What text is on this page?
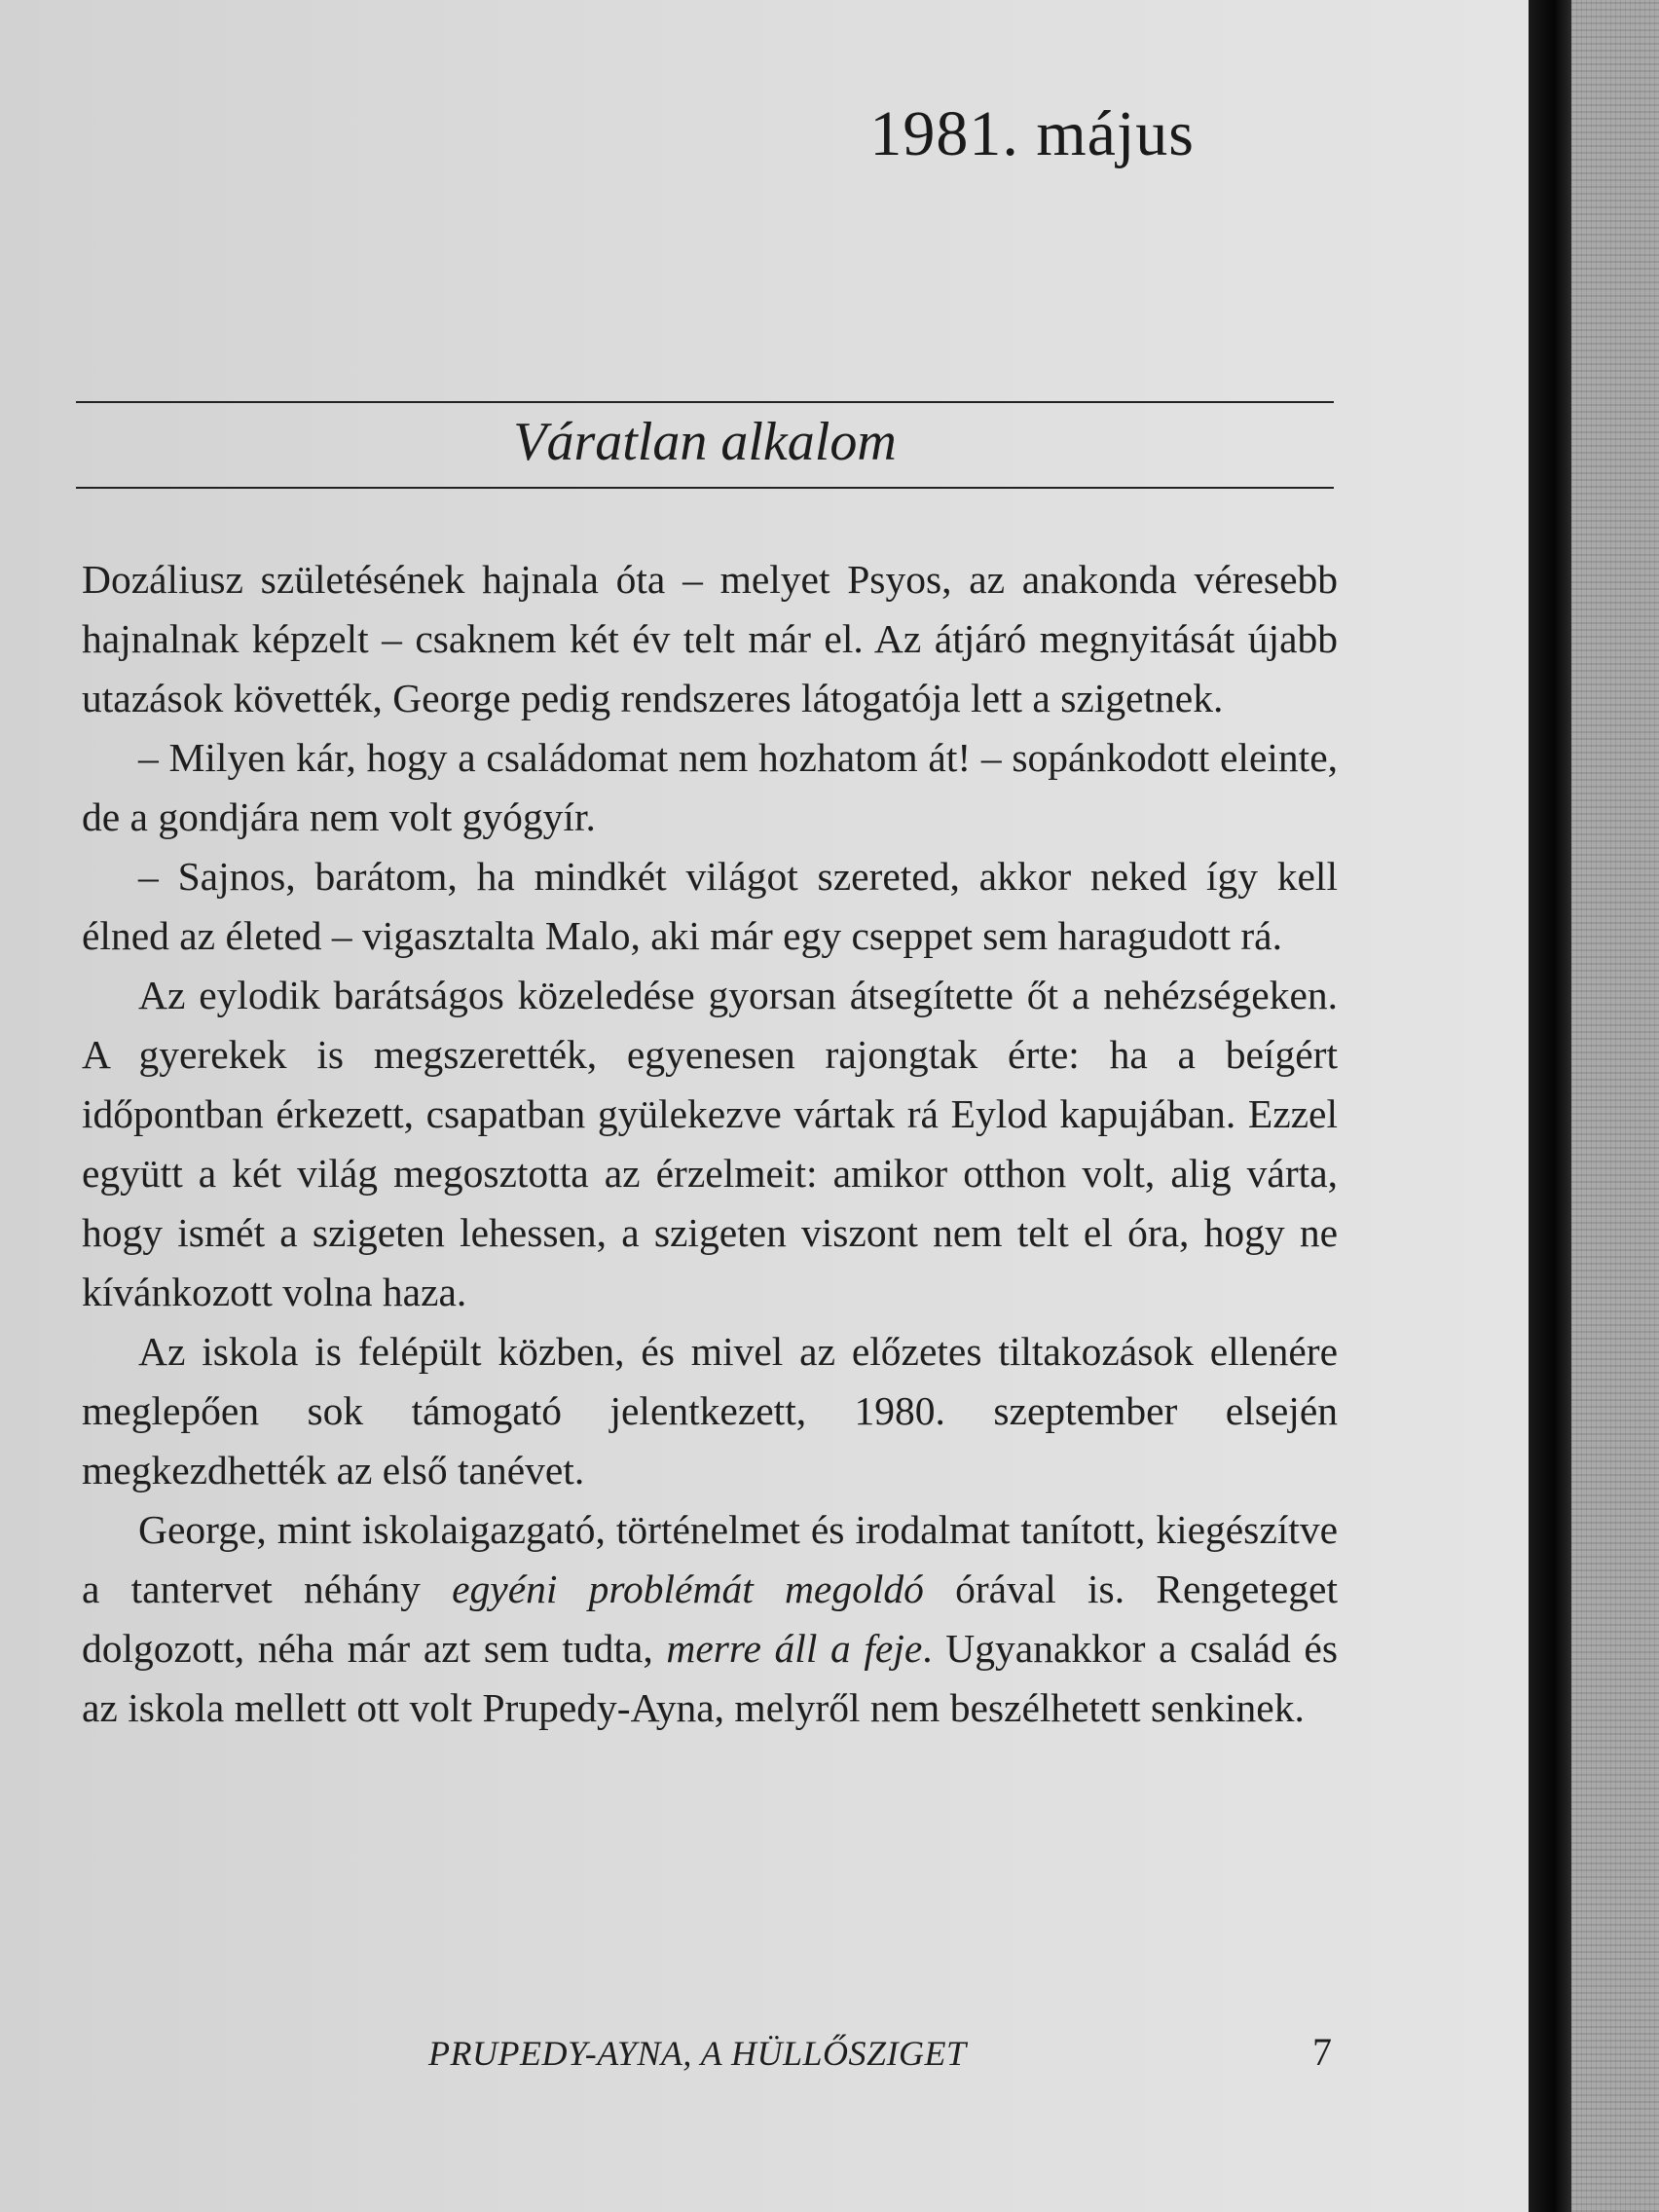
1981. május
Váratlan alkalom

Dozáliusz születésének hajnala óta – melyet Psyos, az anakonda véresebb hajnalnak képzelt – csaknem két év telt már el. Az átjáró megnyitását újabb utazások követték, George pedig rendszeres látogatója lett a szigetnek.

– Milyen kár, hogy a családomat nem hozhatom át! – sopánkodott eleinte, de a gondjára nem volt gyógyír.

– Sajnos, barátom, ha mindkét világot szereted, akkor neked így kell élned az életed – vigasztalta Malo, aki már egy cseppet sem haragudott rá.

Az eylodik barátságos közeledése gyorsan átsegítette őt a nehézségeken. A gyerekek is megszerették, egyenesen rajongtak érte: ha a beígért időpontban érkezett, csapatban gyülekezve vártak rá Eylod kapujában. Ezzel együtt a két világ megosztotta az érzelmeit: amikor otthon volt, alig várta, hogy ismét a szigeten lehessen, a szigeten viszont nem telt el óra, hogy ne kívánkozott volna haza.

Az iskola is felépült közben, és mivel az előzetes tiltakozások ellenére meglepően sok támogató jelentkezett, 1980. szeptember elsején megkezdhették az első tanévet.

George, mint iskolaigazgató, történelmet és irodalmat tanított, kiegészítve a tantervet néhány egyéni problémát megoldó órával is. Rengeteget dolgozott, néha már azt sem tudta, merre áll a feje. Ugyanakkor a család és az iskola mellett ott volt Prupedy-Ayna, melyről nem beszélhetett senkinek.

PRUPEDY-AYNA, A HÜLLŐSZIGET	7
